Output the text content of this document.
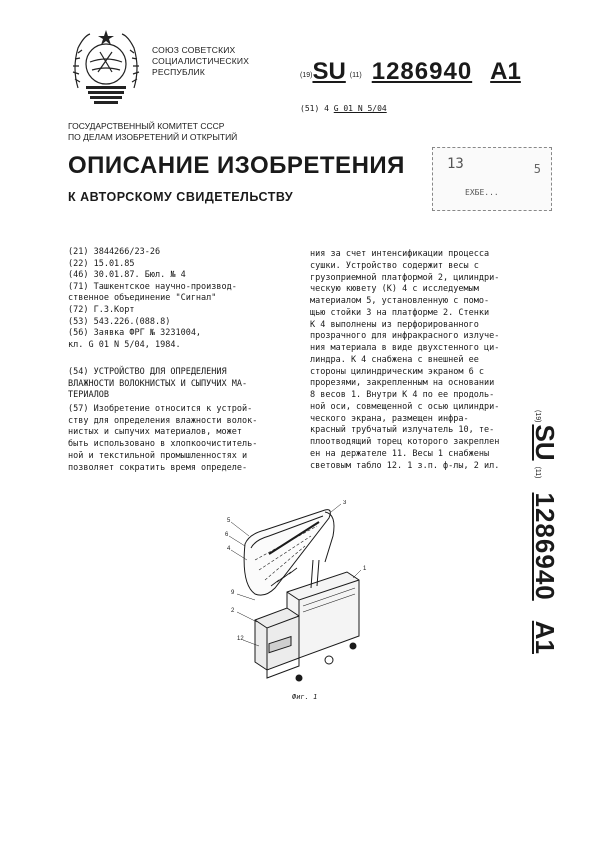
СОЮЗ СОВЕТСКИХ
СОЦИАЛИСТИЧЕСКИХ
РЕСПУБЛИК	(19)SU (11) 1286940 A1
(51) 4 G 01 N 5/04
ГОСУДАРСТВЕННЫЙ КОМИТЕТ СССР
ПО ДЕЛАМ ИЗОБРЕТЕНИЙ И ОТКРЫТИЙ
ОПИСАНИЕ ИЗОБРЕТЕНИЯ
К АВТОРСКОМУ СВИДЕТЕЛЬСТВУ
13	5
ЕХБЕ...
(21) 3844266/23-26
(22) 15.01.85
(46) 30.01.87. Бюл. № 4
(71) Ташкентское научно-производ-
ственное объединение "Сигнал"
(72) Г.З.Корт
(53) 543.226.(088.8)
(56) Заявка ФРГ № 3231004,
кл. G 01 N 5/04, 1984.
(54) УСТРОЙСТВО ДЛЯ ОПРЕДЕЛЕНИЯ
ВЛАЖНОСТИ ВОЛОКНИСТЫХ И СЫПУЧИХ МА-
ТЕРИАЛОВ
(57) Изобретение относится к устрой-
ству для определения влажности волок-
нистых и сыпучих материалов, может
быть использовано в хлопкоочиститель-
ной и текстильной промышленностях и
позволяет сократить время определе-
ния за счет интенсификации процесса
сушки. Устройство содержит весы с
грузоприемной платформой 2, цилиндри-
ческую кювету (К) 4 с исследуемым
материалом 5, установленную с помо-
щью стойки 3 на платформе 2. Стенки
К 4 выполнены из перфорированного
прозрачного для инфракрасного излуче-
ния материала в виде двухстенного ци-
линдра. К 4 снабжена с внешней ее
стороны цилиндрическим экраном 6 с
прорезями, закрепленным на основании
8 весов 1. Внутри К 4 по ее продоль-
ной оси, совмещенной с осью цилиндри-
ческого экрана, размещен инфра-
красный трубчатый излучатель 10, те-
плоотводящий торец которого закреплен
ен на держателе 11. Весы 1 снабжены
световым табло 12. 1 з.п. ф-лы, 2 ил.
(19)SU(11)1286940A1
5
6
4
9
2
3
1
12
Фиг. 1
